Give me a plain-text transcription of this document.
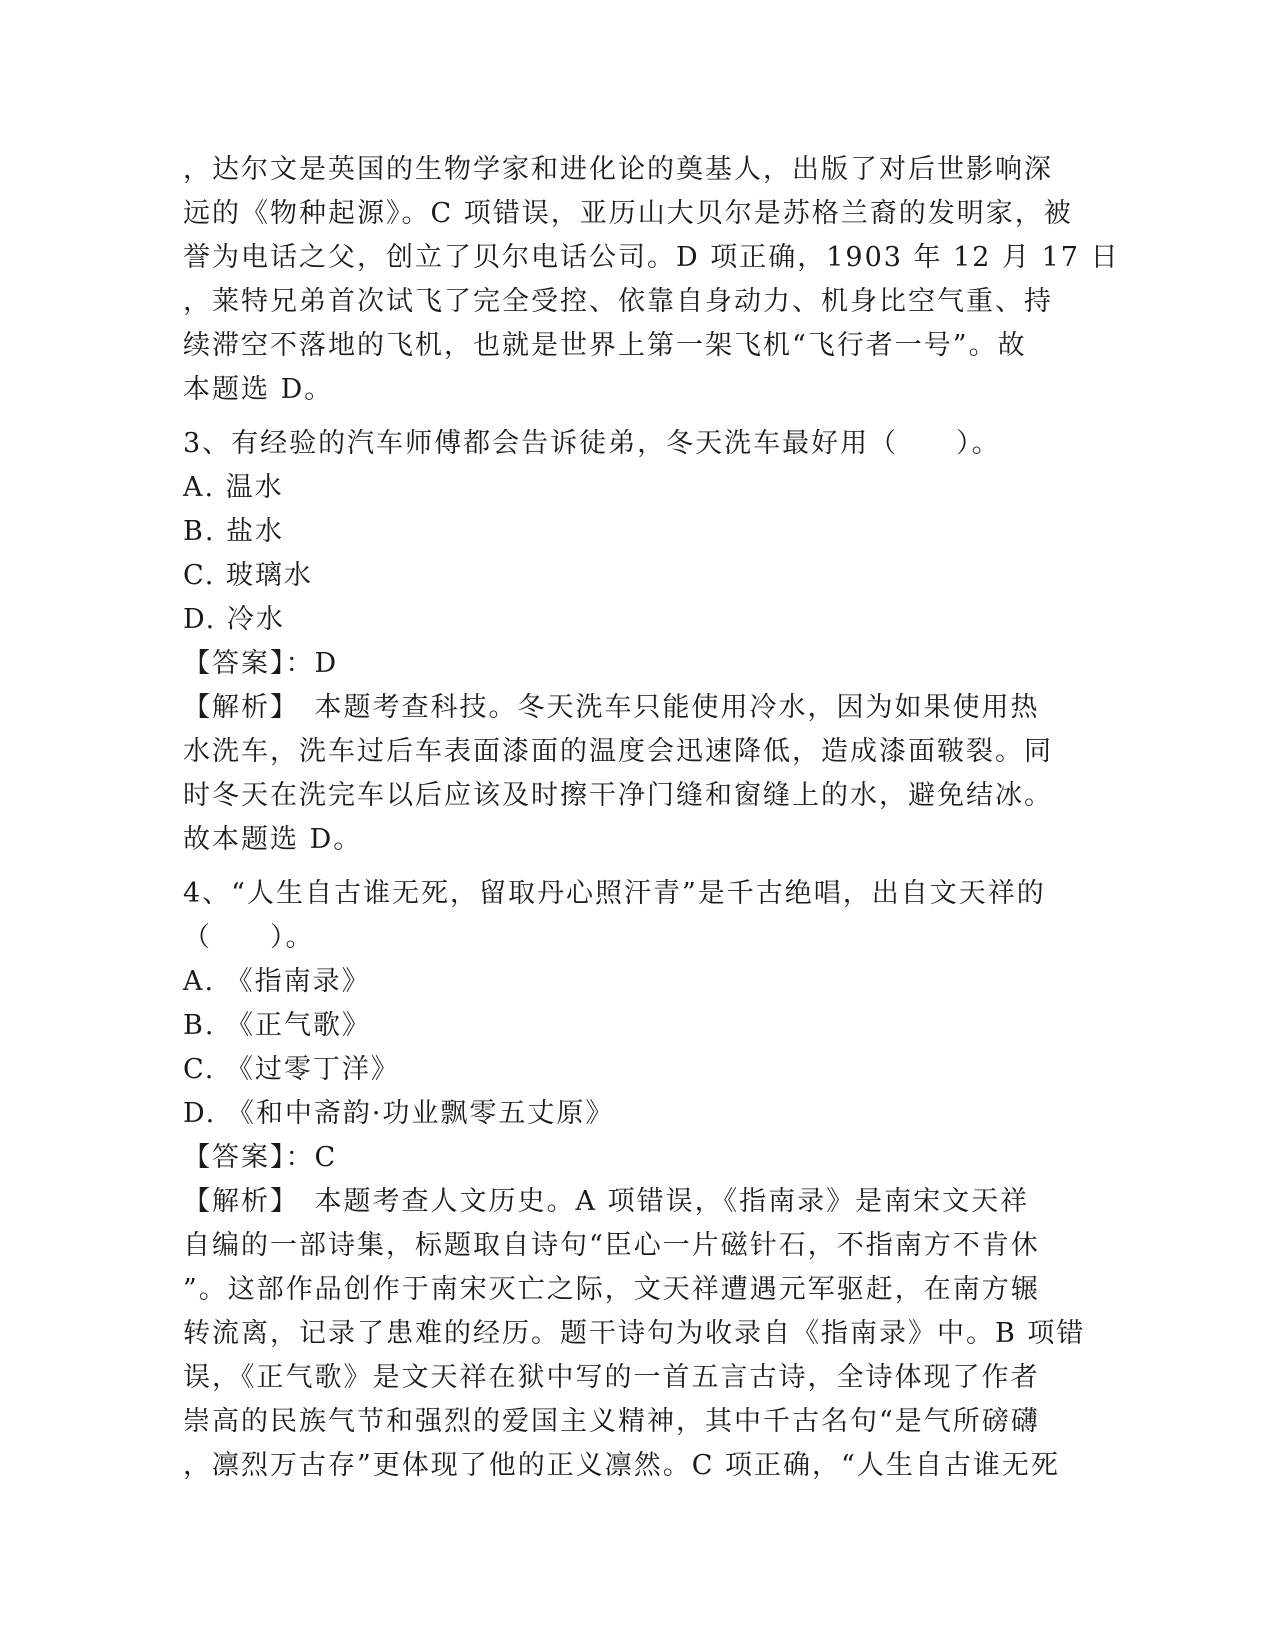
，达尔文是英国的生物学家和进化论的奠基人，出版了对后世影响深
远的《物种起源》。C 项错误，亚历山大贝尔是苏格兰裔的发明家，被
誉为电话之父，创立了贝尔电话公司。D 项正确，1903 年 12 月 17 日
，莱特兄弟首次试飞了完全受控、依靠自身动力、机身比空气重、持
续滞空不落地的飞机，也就是世界上第一架飞机“飞行者一号”。故
本题选 D。
3、有经验的汽车师傅都会告诉徒弟，冬天洗车最好用（　　）。
A. 温水
B. 盐水
C. 玻璃水
D. 冷水
【答案】：D
【解析】　本题考查科技。冬天洗车只能使用冷水，因为如果使用热
水洗车，洗车过后车表面漆面的温度会迅速降低，造成漆面皲裂。同
时冬天在洗完车以后应该及时擦干净门缝和窗缝上的水，避免结冰。
故本题选 D。
4、“人生自古谁无死，留取丹心照汗青”是千古绝唱，出自文天祥的
（　　）。
A. 《指南录》
B. 《正气歌》
C. 《过零丁洋》
D. 《和中斋韵·功业飘零五丈原》
【答案】：C
【解析】　本题考查人文历史。A 项错误，《指南录》是南宋文天祥
自编的一部诗集，标题取自诗句“臣心一片磁针石，不指南方不肯休
”。这部作品创作于南宋灭亡之际，文天祥遭遇元军驱赶，在南方辗
转流离，记录了患难的经历。题干诗句为收录自《指南录》中。B 项错
误，《正气歌》是文天祥在狱中写的一首五言古诗，全诗体现了作者
崇高的民族气节和强烈的爱国主义精神，其中千古名句“是气所磅礴
，凛烈万古存”更体现了他的正义凛然。C 项正确，“人生自古谁无死
